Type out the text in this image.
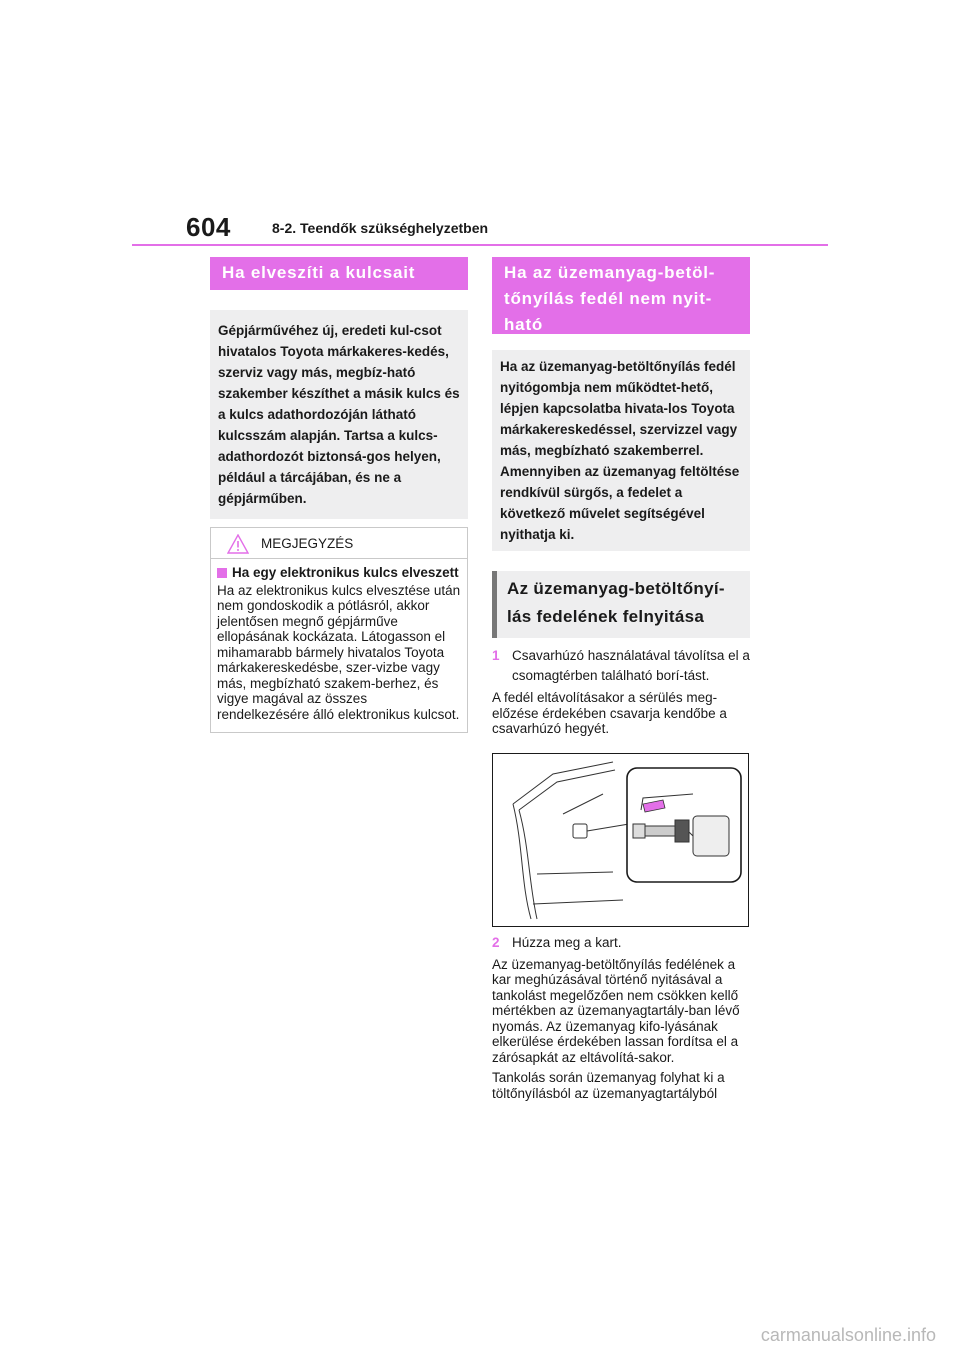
604	8-2. Teendők szükséghelyzetben
Ha elveszíti a kulcsait
Gépjárművéhez új, eredeti kul-csot hivatalos Toyota márkakeres-kedés, szerviz vagy más, megbíz-ható szakember készíthet a másik kulcs és a kulcs adathordozóján látható kulcsszám alapján. Tartsa a kulcs-adathordozót biztonsá-gos helyen, például a tárcájában, és ne a gépjárműben.
MEGJEGYZÉS
Ha egy elektronikus kulcs elveszett
Ha az elektronikus kulcs elvesztése után nem gondoskodik a pótlásról, akkor jelentősen megnő gépjárműve ellopásának kockázata. Látogasson el mihamarabb bármely hivatalos Toyota márkakereskedésbe, szer-vizbe vagy más, megbízható szakem-berhez, és vigye magával az összes rendelkezésére álló elektronikus kulcsot.
Ha az üzemanyag-betöl-tőnyílás fedél nem nyit-ható
Ha az üzemanyag-betöltőnyílás fedél nyitógombja nem működtet-hető, lépjen kapcsolatba hivata-los Toyota márkakereskedéssel, szervizzel vagy más, megbízható szakemberrel. Amennyiben az üzemanyag feltöltése rendkívül sürgős, a fedelet a következő művelet segítségével nyithatja ki.
Az üzemanyag-betöltőnyí-lás fedelének felnyitása
1 Csavarhúzó használatával távolítsa el a csomagtérben található borí-tást.
A fedél eltávolításakor a sérülés meg-előzése érdekében csavarja kendőbe a csavarhúzó hegyét.
2 Húzza meg a kart.
Az üzemanyag-betöltőnyílás fedélének a kar meghúzásával történő nyitásával a tankolást megelőzően nem csökken kellő mértékben az üzemanyagtartály-ban lévő nyomás. Az üzemanyag kifo-lyásának elkerülése érdekében lassan fordítsa el a zárósapkát az eltávolítá-sakor.
Tankolás során üzemanyag folyhat ki a töltőnyílásból az üzemanyagtartályból
carmanualsonline.info
